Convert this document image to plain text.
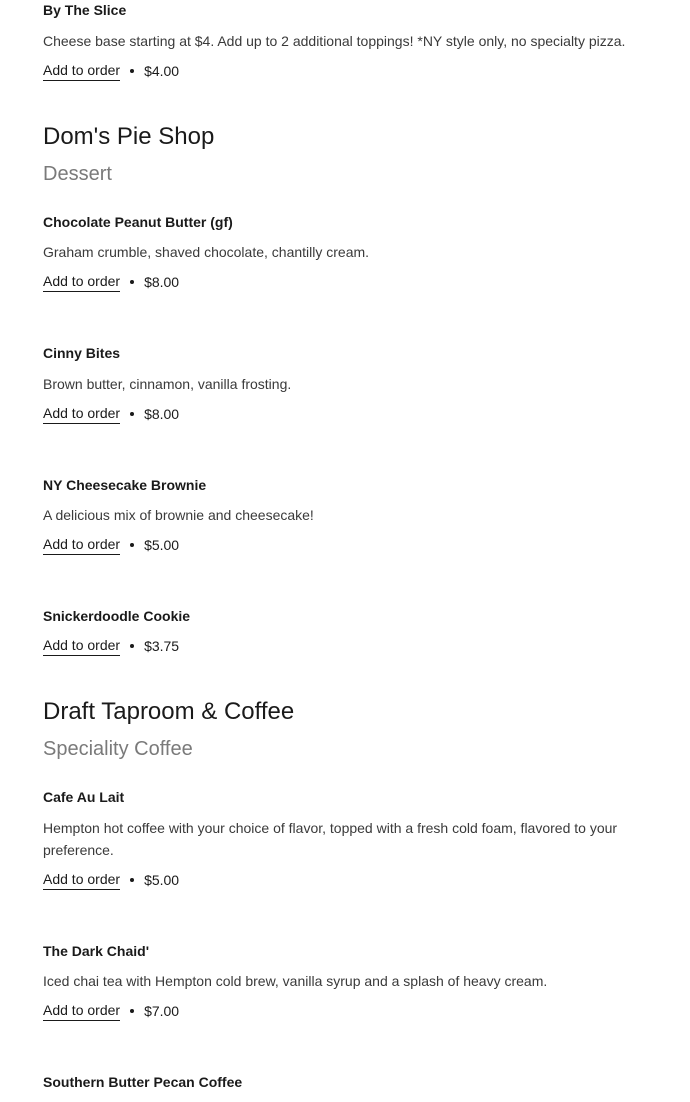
By The Slice

Cheese base starting at $4. Add up to 2 additional toppings! *NY style only, no specialty pizza.

Add to order $4.00
Dom's Pie Shop
Dessert

Chocolate Peanut Butter (gf)

Graham crumble, shaved chocolate, chantilly cream.

Add to order $8.00

Cinny Bites

Brown butter, cinnamon, vanilla frosting.

Add to order $8.00

NY Cheesecake Brownie

A delicious mix of brownie and cheesecake!

Add to order $5.00

Snickerdoodle Cookie

Add to order $3.75
Draft Taproom & Coffee
Speciality Coffee

Cafe Au Lait

Hempton hot coffee with your choice of flavor, topped with a fresh cold foam, flavored to your preference.

Add to order $5.00

The Dark Chaid'

Iced chai tea with Hempton cold brew, vanilla syrup and a splash of heavy cream.

Add to order $7.00

Southern Butter Pecan Coffee
